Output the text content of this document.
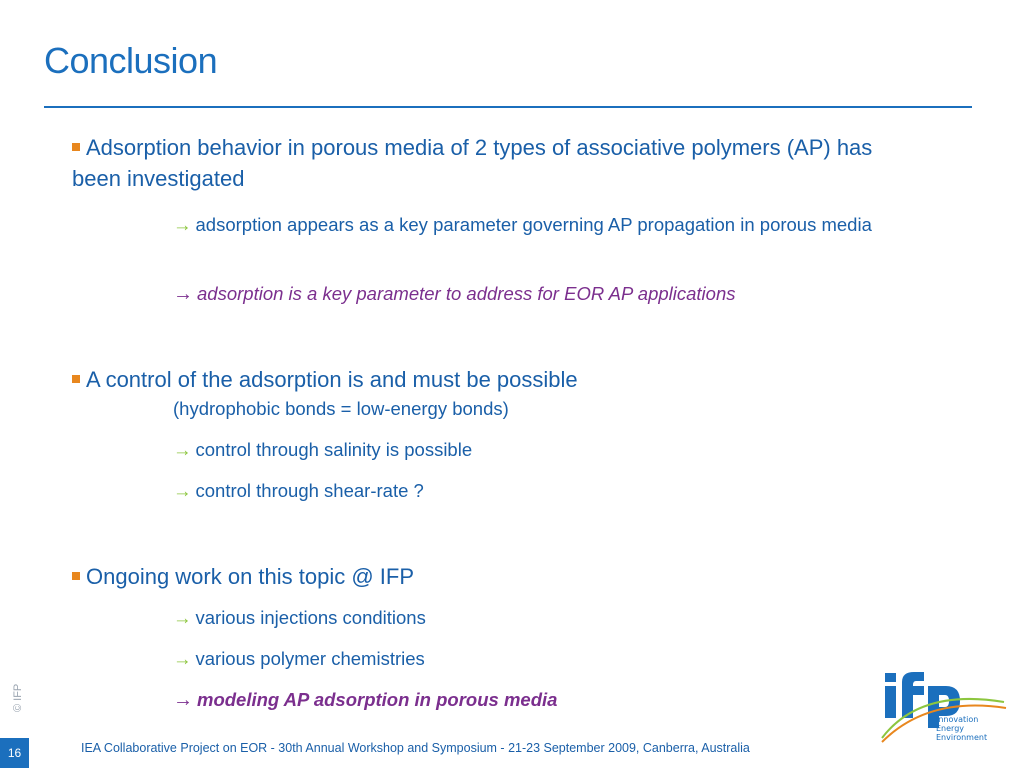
Conclusion
Adsorption behavior in porous media of 2 types of associative polymers (AP) has been investigated
→ adsorption appears as a key parameter governing AP propagation in porous media
→ adsorption is a key parameter to address for EOR AP applications
A control of the adsorption is and must be possible
(hydrophobic bonds = low-energy bonds)
→ control through salinity is possible
→ control through shear-rate ?
Ongoing work on this topic @ IFP
→ various injections conditions
→ various polymer chemistries
→ modeling AP adsorption in porous media
© IFP
16	IEA Collaborative Project on EOR - 30th Annual Workshop and Symposium - 21-23 September 2009, Canberra, Australia
Innovation
Energy
Environment
